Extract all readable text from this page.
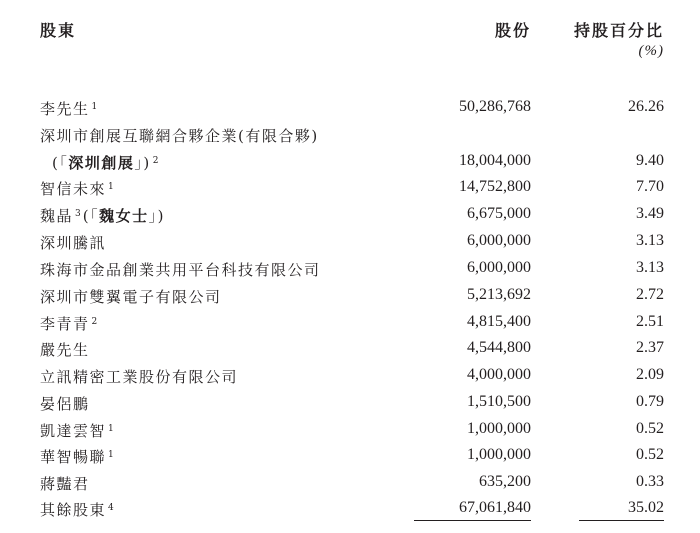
股東	股份	持股百分比
(%)
李先生 $^1$	50,286,768	26.26
深圳市創展互聯網合夥企業(有限合夥)
(「深圳創展」) $^2$	18,004,000	9.40
智信未來 $^1$	14,752,800	7.70
魏晶 $^3$ (「魏女士」)	6,675,000	3.49
深圳騰訊	6,000,000	3.13
珠海市金品創業共用平台科技有限公司	6,000,000	3.13
深圳市雙翼電子有限公司	5,213,692	2.72
李青青 $^2$	4,815,400	2.51
嚴先生	4,544,800	2.37
立訊精密工業股份有限公司	4,000,000	2.09
晏侶鵬	1,510,500	0.79
凱達雲智 $^1$	1,000,000	0.52
華智暢聯 $^1$	1,000,000	0.52
蔣豔君	635,200	0.33
其餘股東 $^4$	67,061,840	35.02
